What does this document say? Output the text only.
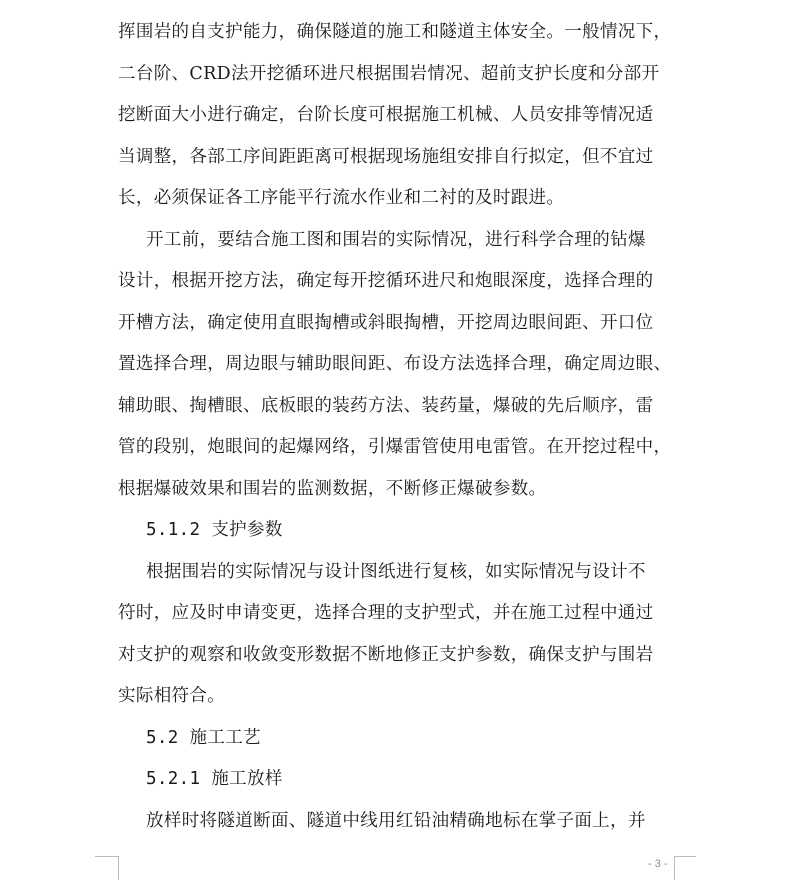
挥围岩的自支护能力，确保隧道的施工和隧道主体安全。一般情况下，
二台阶、CRD法开挖循环进尺根据围岩情况、超前支护长度和分部开
挖断面大小进行确定，台阶长度可根据施工机械、人员安排等情况适
当调整，各部工序间距距离可根据现场施组安排自行拟定，但不宜过
长，必须保证各工序能平行流水作业和二衬的及时跟进。
开工前，要结合施工图和围岩的实际情况，进行科学合理的钻爆
设计，根据开挖方法，确定每开挖循环进尺和炮眼深度，选择合理的
开槽方法，确定使用直眼掏槽或斜眼掏槽，开挖周边眼间距、开口位
置选择合理，周边眼与辅助眼间距、布设方法选择合理，确定周边眼、
辅助眼、掏槽眼、底板眼的装药方法、装药量，爆破的先后顺序，雷
管的段别，炮眼间的起爆网络，引爆雷管使用电雷管。在开挖过程中，
根据爆破效果和围岩的监测数据，不断修正爆破参数。
5.1.2 支护参数
根据围岩的实际情况与设计图纸进行复核，如实际情况与设计不
符时，应及时申请变更，选择合理的支护型式，并在施工过程中通过
对支护的观察和收敛变形数据不断地修正支护参数，确保支护与围岩
实际相符合。
5.2 施工工艺
5.2.1 施工放样
放样时将隧道断面、隧道中线用红铅油精确地标在掌子面上，并
- 3 -
